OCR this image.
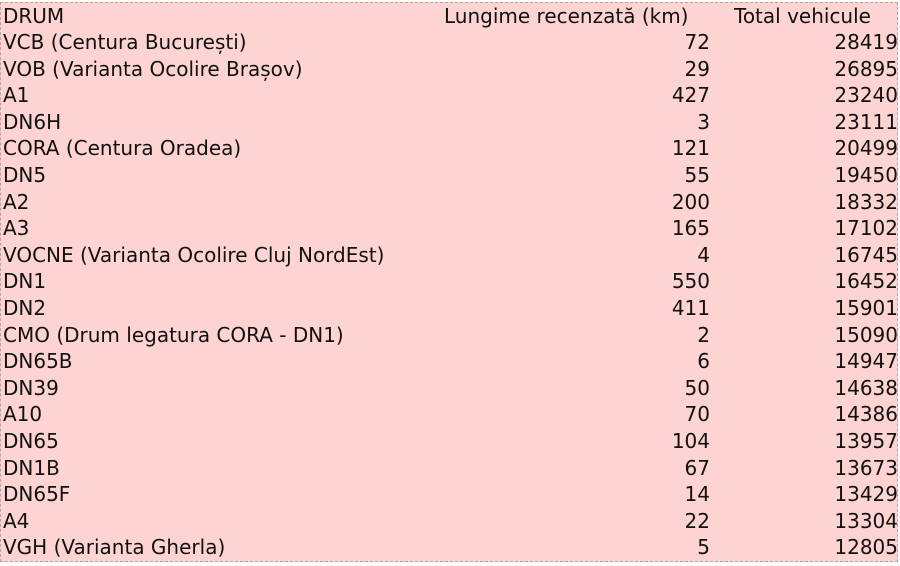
DRUM	Lungime recenzată (km)	Total vehicule
VCB (Centura București)	72	28419
VOB (Varianta Ocolire Brașov)	29	26895
A1	427	23240
DN6H	3	23111
CORA (Centura Oradea)	121	20499
DN5	55	19450
A2	200	18332
A3	165	17102
VOCNE (Varianta Ocolire Cluj NordEst)	4	16745
DN1	550	16452
DN2	411	15901
CMO (Drum legatura CORA - DN1)	2	15090
DN65B	6	14947
DN39	50	14638
A10	70	14386
DN65	104	13957
DN1B	67	13673
DN65F	14	13429
A4	22	13304
VGH (Varianta Gherla)	5	12805
